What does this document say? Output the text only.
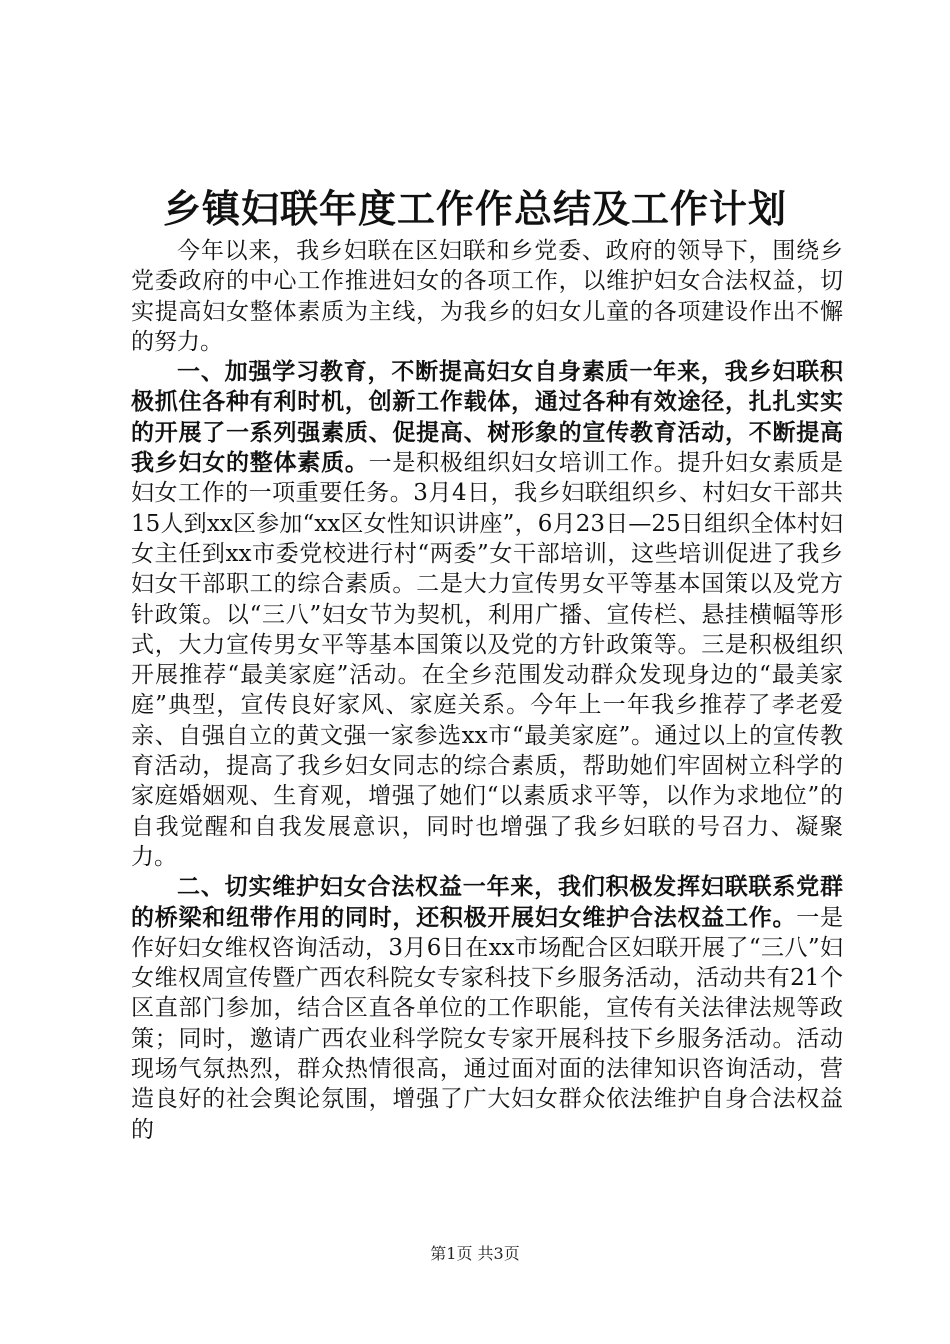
乡镇妇联年度工作作总结及工作计划

今年以来，我乡妇联在区妇联和乡党委、政府的领导下，围绕乡党委政府的中心工作推进妇女的各项工作，以维护妇女合法权益，切实提高妇女整体素质为主线，为我乡的妇女儿童的各项建设作出不懈的努力。

一、加强学习教育，不断提高妇女自身素质一年来，我乡妇联积极抓住各种有利时机，创新工作载体，通过各种有效途径，扎扎实实的开展了一系列强素质、促提高、树形象的宣传教育活动，不断提高我乡妇女的整体素质。一是积极组织妇女培训工作。提升妇女素质是妇女工作的一项重要任务。3月4日，我乡妇联组织乡、村妇女干部共15人到xx区参加“xx区女性知识讲座”，6月23日—25日组织全体村妇女主任到xx市委党校进行村“两委”女干部培训，这些培训促进了我乡妇女干部职工的综合素质。二是大力宣传男女平等基本国策以及党方针政策。以“三八”妇女节为契机，利用广播、宣传栏、悬挂横幅等形式，大力宣传男女平等基本国策以及党的方针政策等。三是积极组织开展推荐“最美家庭”活动。在全乡范围发动群众发现身边的“最美家庭”典型，宣传良好家风、家庭关系。今年上一年我乡推荐了孝老爱亲、自强自立的黄文强一家参选xx市“最美家庭”。通过以上的宣传教育活动，提高了我乡妇女同志的综合素质，帮助她们牢固树立科学的家庭婚姻观、生育观，增强了她们“以素质求平等，以作为求地位”的自我觉醒和自我发展意识，同时也增强了我乡妇联的号召力、凝聚力。

二、切实维护妇女合法权益一年来，我们积极发挥妇联联系党群的桥梁和纽带作用的同时，还积极开展妇女维护合法权益工作。一是作好妇女维权咨询活动，3月6日在xx市场配合区妇联开展了“三八”妇女维权周宣传暨广西农科院女专家科技下乡服务活动，活动共有21个区直部门参加，结合区直各单位的工作职能，宣传有关法律法规等政策；同时，邀请广西农业科学院女专家开展科技下乡服务活动。活动现场气氛热烈，群众热情很高，通过面对面的法律知识咨询活动，营造良好的社会舆论氛围，增强了广大妇女群众依法维护自身合法权益的

第1页 共3页
